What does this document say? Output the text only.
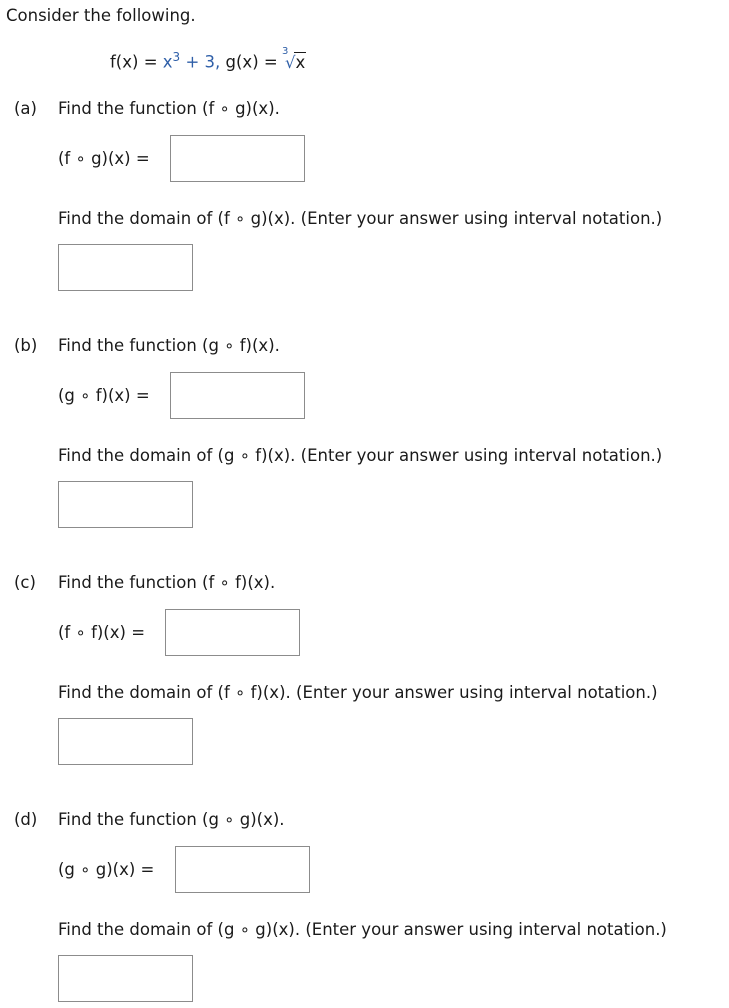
Consider the following.
$f(x) = x^3 + 3$, g(x) =
3
√x
(a) Find the function (f ∘ g)(x).
(f ∘ g)(x) =
Find the domain of (f ∘ g)(x). (Enter your answer using interval notation.)
(b) Find the function (g ∘ f)(x).
(g ∘ f)(x) =
Find the domain of (g ∘ f)(x). (Enter your answer using interval notation.)
(c) Find the function (f ∘ f)(x).
(f ∘ f)(x) =
Find the domain of (f ∘ f)(x). (Enter your answer using interval notation.)
(d) Find the function (g ∘ g)(x).
(g ∘ g)(x) =
Find the domain of (g ∘ g)(x). (Enter your answer using interval notation.)
